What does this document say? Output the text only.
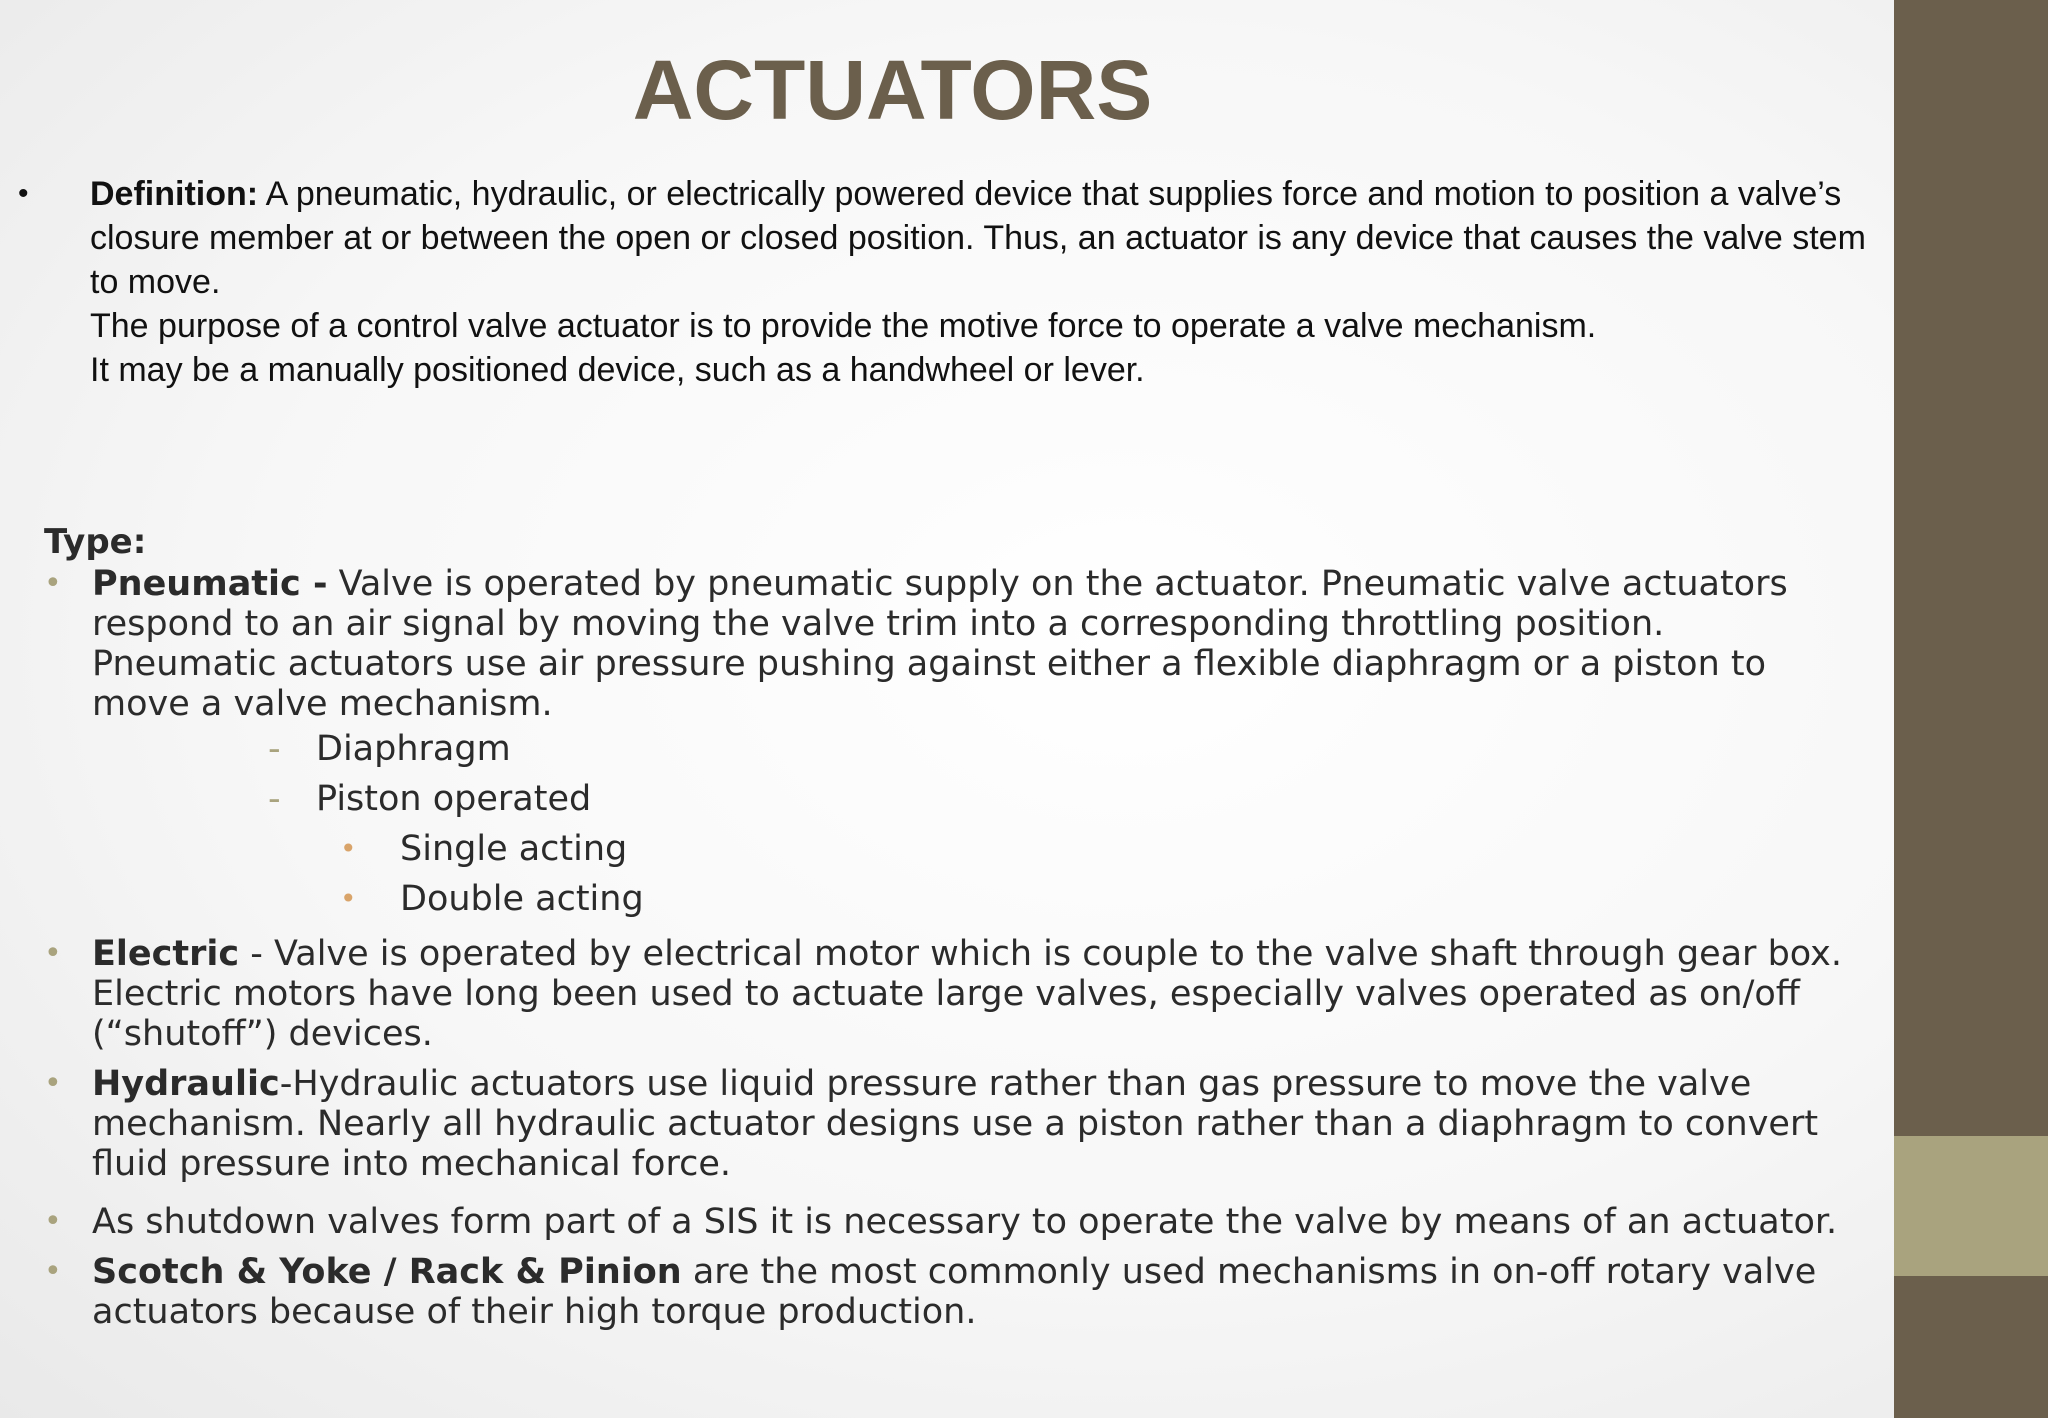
ACTUATORS
• Definition: A pneumatic, hydraulic, or electrically powered device that supplies force and motion to position a valve’s closure member at or between the open or closed position. Thus, an actuator is any device that causes the valve stem to move.

The purpose of a control valve actuator is to provide the motive force to operate a valve mechanism.

It may be a manually positioned device, such as a handwheel or lever.

Type:

• Pneumatic - Valve is operated by pneumatic supply on the actuator. Pneumatic valve actuators respond to an air signal by moving the valve trim into a corresponding throttling position.

Pneumatic actuators use air pressure pushing against either a flexible diaphragm or a piston to move a valve mechanism.

- Diaphragm
- Piston operated
• Single acting
• Double acting
• Electric - Valve is operated by electrical motor which is couple to the valve shaft through gear box. Electric motors have long been used to actuate large valves, especially valves operated as on/off (“shutoff”) devices.

• Hydraulic-Hydraulic actuators use liquid pressure rather than gas pressure to move the valve mechanism. Nearly all hydraulic actuator designs use a piston rather than a diaphragm to convert fluid pressure into mechanical force.

• As shutdown valves form part of a SIS it is necessary to operate the valve by means of an actuator.

• Scotch & Yoke / Rack & Pinion are the most commonly used mechanisms in on-off rotary valve actuators because of their high torque production.
